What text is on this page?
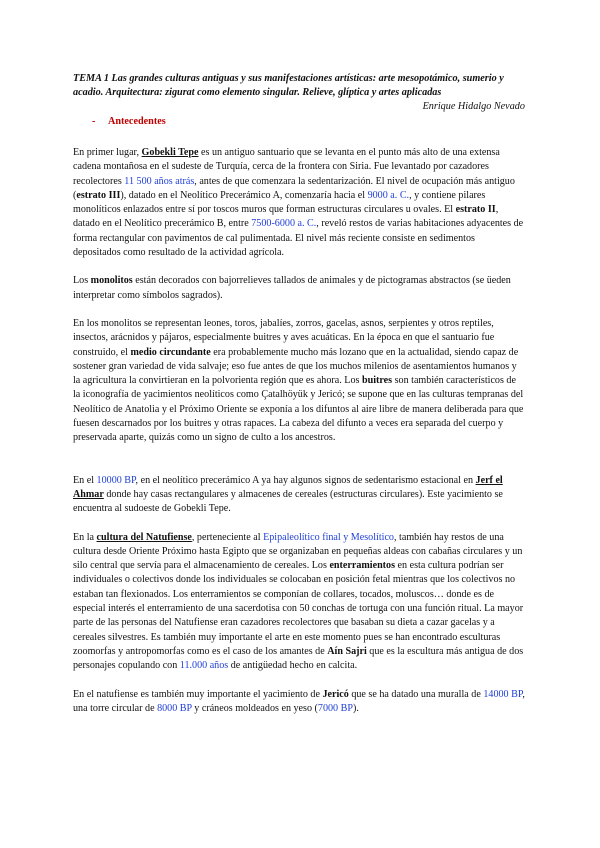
TEMA 1 Las grandes culturas antiguas y sus manifestaciones artísticas: arte mesopotámico, sumerio y acadio. Arquitectura: zigurat como elemento singular. Relieve, glíptica y artes aplicadas
Enrique Hidalgo Nevado
- Antecedentes

En primer lugar, Gobekli Tepe es un antiguo santuario que se levanta en el punto más alto de una extensa cadena montañosa en el sudeste de Turquía, cerca de la frontera con Siria. Fue levantado por cazadores recolectores 11 500 años atrás, antes de que comenzara la sedentarización. El nivel de ocupación más antiguo (estrato III), datado en el Neolítico Precerámico A, comenzaría hacia el 9000 a. C., y contiene pilares monolíticos enlazados entre sí por toscos muros que forman estructuras circulares u ovales. El estrato II, datado en el Neolítico precerámico B, entre 7500-6000 a. C., reveló restos de varias habitaciones adyacentes de forma rectangular con pavimentos de cal pulimentada. El nivel más reciente consiste en sedimentos depositados como resultado de la actividad agrícola.

Los monolitos están decorados con bajorrelieves tallados de animales y de pictogramas abstractos (se üeden interpretar como símbolos sagrados).

En los monolitos se representan leones, toros, jabalíes, zorros, gacelas, asnos, serpientes y otros reptiles, insectos, arácnidos y pájaros, especialmente buitres y aves acuáticas. En la época en que el santuario fue construido, el medio circundante era probablemente mucho más lozano que en la actualidad, siendo capaz de sostener gran variedad de vida salvaje; eso fue antes de que los muchos milenios de asentamientos humanos y la agricultura la convirtieran en la polvorienta región que es ahora. Los buitres son también característicos de la iconografía de yacimientos neolíticos como Çatalhöyük y Jericó; se supone que en las culturas tempranas del Neolítico de Anatolia y el Próximo Oriente se exponía a los difuntos al aire libre de manera deliberada para que fuesen descarnados por los buitres y otras rapaces. La cabeza del difunto a veces era separada del cuerpo y preservada aparte, quizás como un signo de culto a los ancestros.

En el 10000 BP, en el neolítico precerámico A ya hay algunos signos de sedentarismo estacional en Jerf el Ahmar donde hay casas rectangulares y almacenes de cereales (estructuras circulares). Este yacimiento se encuentra al sudoeste de Gobekli Tepe.

En la cultura del Natufiense, perteneciente al Epipaleolítico final y Mesolítico, también hay restos de una cultura desde Oriente Próximo hasta Egipto que se organizaban en pequeñas aldeas con cabañas circulares y un silo central que servía para el almacenamiento de cereales. Los enterramientos en esta cultura podrían ser individuales o colectivos donde los individuales se colocaban en posición fetal mientras que los colectivos no estaban tan flexionados. Los enterramientos se componían de collares, tocados, moluscos… donde es de especial interés el enterramiento de una sacerdotisa con 50 conchas de tortuga con una función ritual. La mayor parte de las personas del Natufiense eran cazadores recolectores que basaban su dieta a cazar gacelas y a cereales silvestres. Es también muy importante el arte en este momento pues se han encontrado esculturas zoomorfas y antropomorfas como es el caso de los amantes de Aín Sajri que es la escultura más antigua de dos personajes copulando con 11.000 años de antigüedad hecho en calcita.

En el natufiense es también muy importante el yacimiento de Jericó que se ha datado una muralla de 14000 BP, una torre circular de 8000 BP y cráneos moldeados en yeso (7000 BP).
